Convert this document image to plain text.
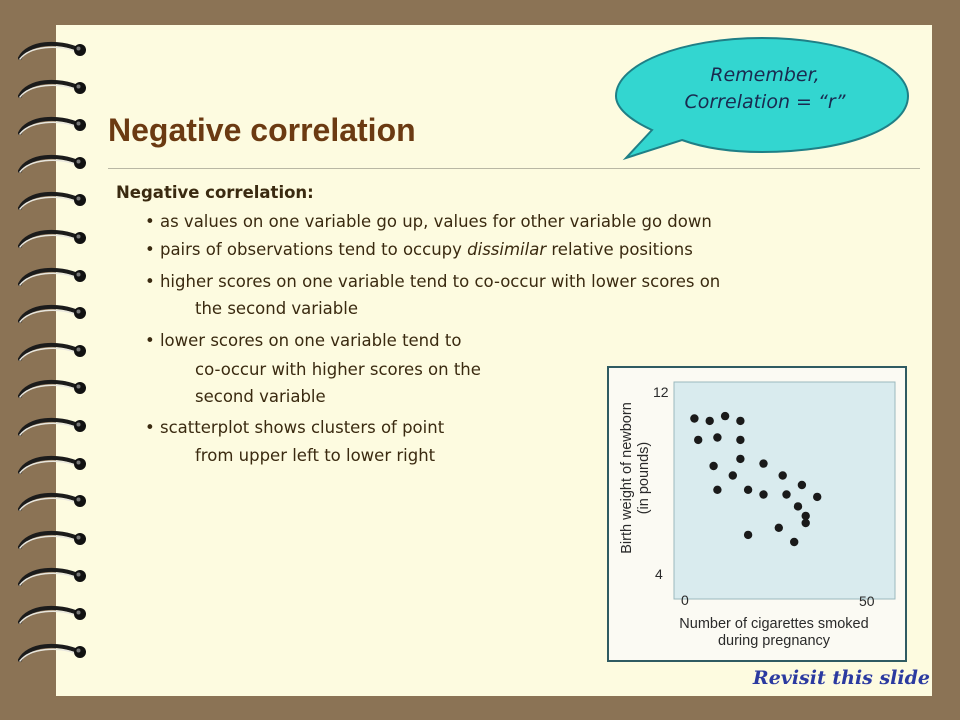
Negative correlation
Remember,
Correlation = “r”
Negative correlation:
• as values on one variable go up, values for other variable go down
• pairs of observations tend to occupy dissimilar relative positions
• higher scores on one variable tend to co-occur with lower scores on
the second variable
• lower scores on one variable tend to
co-occur with higher scores on the
second variable
• scatterplot shows clusters of point
from upper left to lower right
12
4
0	50
Birth weight of newborn (in pounds)
Number of cigarettes smoked
during pregnancy
Revisit this slide
